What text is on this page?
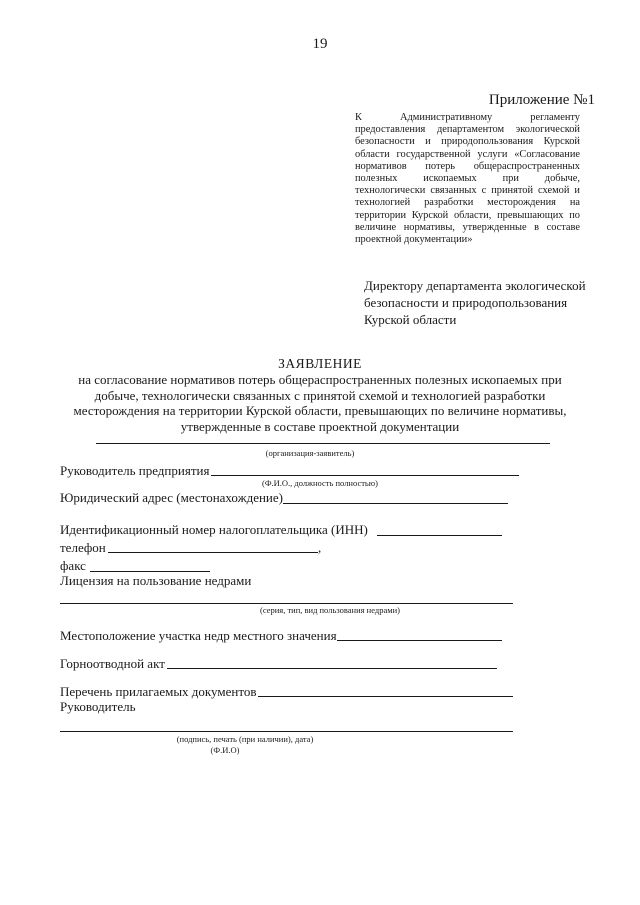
19
Приложение №1
К Административному регламенту предоставления департаментом экологической безопасности и природопользования Курской области государственной услуги «Согласование нормативов потерь общераспространенных полезных ископаемых при добыче, технологически связанных с принятой схемой и технологией разработки месторождения на территории Курской области, превышающих по величине нормативы, утвержденные в составе проектной документации»
Директору департамента экологической безопасности и природопользования Курской области
ЗАЯВЛЕНИЕ
на согласование нормативов потерь общераспространенных полезных ископаемых при добыче, технологически связанных с принятой схемой и технологией разработки месторождения на территории Курской области, превышающих по величине нормативы, утвержденные в составе проектной документации
(организация-заявитель)
Руководитель предприятия
(Ф.И.О., должность полностью)
Юридический адрес (местонахождение)
Идентификационный номер налогоплательщика (ИНН)
телефон	,
факс
Лицензия на пользование недрами
(серия, тип, вид пользования недрами)
Местоположение участка недр местного значения
Горноотводной акт
Перечень прилагаемых документов
Руководитель
(подпись, печать (при наличии), дата)
(Ф.И.О)
